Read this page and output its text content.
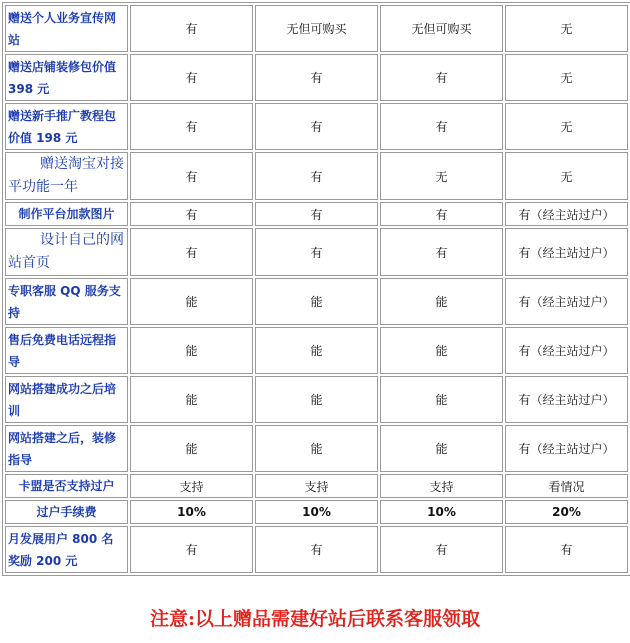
赠送个人业务宣传网站	有	无但可购买	无但可购买	无
赠送店铺装修包价值 398 元	有	有	有	无
赠送新手推广教程包价值 198 元	有	有	有	无
赠送淘宝对接平功能一年	有	有	无	无
制作平台加款图片	有	有	有	有（经主站过户）
设计自己的网站首页	有	有	有	有（经主站过户）
专职客服 QQ 服务支持	能	能	能	有（经主站过户）
售后免费电话远程指导	能	能	能	有（经主站过户）
网站搭建成功之后培训	能	能	能	有（经主站过户）
网站搭建之后，装修指导	能	能	能	有（经主站过户）
卡盟是否支持过户	支持	支持	支持	看情况
过户手续费	10%	10%	10%	20%
月发展用户 800 名奖励 200 元	有	有	有	有
注意:以上赠品需建好站后联系客服领取
